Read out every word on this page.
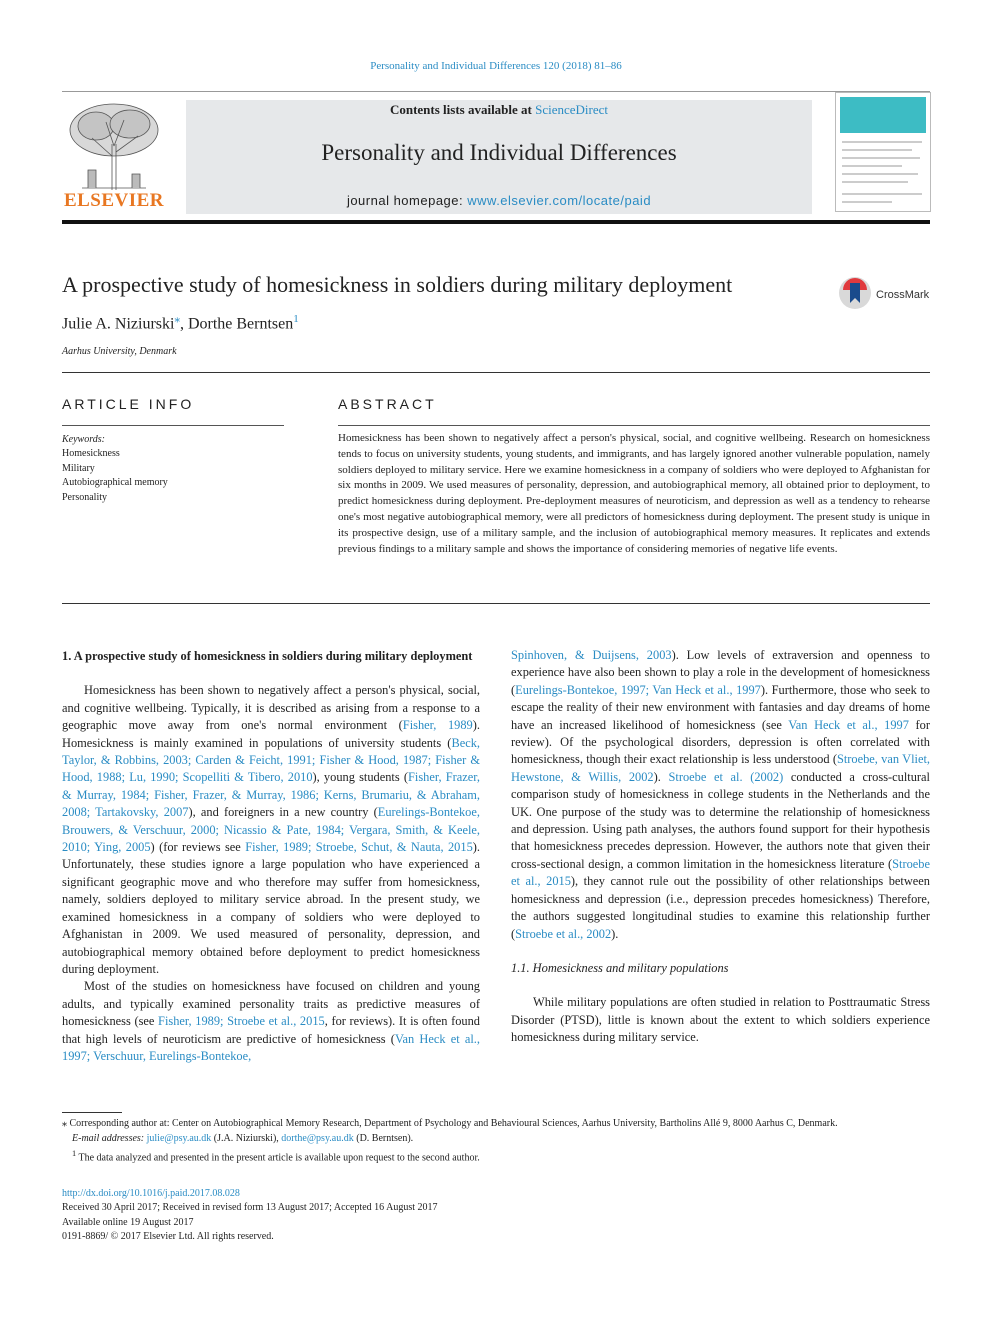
Personality and Individual Differences 120 (2018) 81–86
ELSEVIER
Contents lists available at ScienceDirect
Personality and Individual Differences
journal homepage: www.elsevier.com/locate/paid
A prospective study of homesickness in soldiers during military deployment	CrossMark
Julie A. Niziurski⁎, Dorthe Berntsen$^1$
Aarhus University, Denmark
ARTICLE INFO	ABSTRACT
Keywords:
Homesickness
Military
Autobiographical memory
Personality
Homesickness has been shown to negatively affect a person's physical, social, and cognitive wellbeing. Research on homesickness tends to focus on university students, young students, and immigrants, and has largely ignored another vulnerable population, namely soldiers deployed to military service. Here we examine homesickness in a company of soldiers who were deployed to Afghanistan for six months in 2009. We used measures of personality, depression, and autobiographical memory, all obtained prior to deployment, to predict homesickness during deployment. Pre-deployment measures of neuroticism, and depression as well as a tendency to rehearse one's most negative autobiographical memory, were all predictors of homesickness during deployment. The present study is unique in its prospective design, use of a military sample, and the inclusion of autobiographical memory measures. It replicates and extends previous findings to a military sample and shows the importance of considering memories of negative life events.

1. A prospective study of homesickness in soldiers during military deployment

Homesickness has been shown to negatively affect a person's physical, social, and cognitive wellbeing. Typically, it is described as arising from a response to a geographic move away from one's normal environment (Fisher, 1989). Homesickness is mainly examined in populations of university students (Beck, Taylor, & Robbins, 2003; Carden & Feicht, 1991; Fisher & Hood, 1987; Fisher & Hood, 1988; Lu, 1990; Scopelliti & Tibero, 2010), young students (Fisher, Frazer, & Murray, 1984; Fisher, Frazer, & Murray, 1986; Kerns, Brumariu, & Abraham, 2008; Tartakovsky, 2007), and foreigners in a new country (Eurelings-Bontekoe, Brouwers, & Verschuur, 2000; Nicassio & Pate, 1984; Vergara, Smith, & Keele, 2010; Ying, 2005) (for reviews see Fisher, 1989; Stroebe, Schut, & Nauta, 2015). Unfortunately, these studies ignore a large population who have experienced a significant geographic move and who therefore may suffer from homesickness, namely, soldiers deployed to military service abroad. In the present study, we examined homesickness in a company of soldiers who were deployed to Afghanistan in 2009. We used measured of personality, depression, and autobiographical memory obtained before deployment to predict homesickness during deployment.

Most of the studies on homesickness have focused on children and young adults, and typically examined personality traits as predictive measures of homesickness (see Fisher, 1989; Stroebe et al., 2015, for reviews). It is often found that high levels of neuroticism are predictive of homesickness (Van Heck et al., 1997; Verschuur, Eurelings-Bontekoe,

Spinhoven, & Duijsens, 2003). Low levels of extraversion and openness to experience have also been shown to play a role in the development of homesickness (Eurelings-Bontekoe, 1997; Van Heck et al., 1997). Furthermore, those who seek to escape the reality of their new environment with fantasies and day dreams of home have an increased likelihood of homesickness (see Van Heck et al., 1997 for review). Of the psychological disorders, depression is often correlated with homesickness, though their exact relationship is less understood (Stroebe, van Vliet, Hewstone, & Willis, 2002). Stroebe et al. (2002) conducted a cross-cultural comparison study of homesickness in college students in the Netherlands and the UK. One purpose of the study was to determine the relationship of homesickness and depression. Using path analyses, the authors found support for their hypothesis that homesickness precedes depression. However, the authors note that given their cross-sectional design, a common limitation in the homesickness literature (Stroebe et al., 2015), they cannot rule out the possibility of other relationships between homesickness and depression (i.e., depression precedes homesickness) Therefore, the authors suggested longitudinal studies to examine this relationship further (Stroebe et al., 2002).

1.1. Homesickness and military populations

While military populations are often studied in relation to Posttraumatic Stress Disorder (PTSD), little is known about the extent to which soldiers experience homesickness during military service.

⁎ Corresponding author at: Center on Autobiographical Memory Research, Department of Psychology and Behavioural Sciences, Aarhus University, Bartholins Allé 9, 8000 Aarhus C, Denmark.

E-mail addresses: julie@psy.au.dk (J.A. Niziurski), dorthe@psy.au.dk (D. Berntsen).

$^1$ The data analyzed and presented in the present article is available upon request to the second author.

http://dx.doi.org/10.1016/j.paid.2017.08.028

Received 30 April 2017; Received in revised form 13 August 2017; Accepted 16 August 2017

Available online 19 August 2017

0191-8869/ © 2017 Elsevier Ltd. All rights reserved.
